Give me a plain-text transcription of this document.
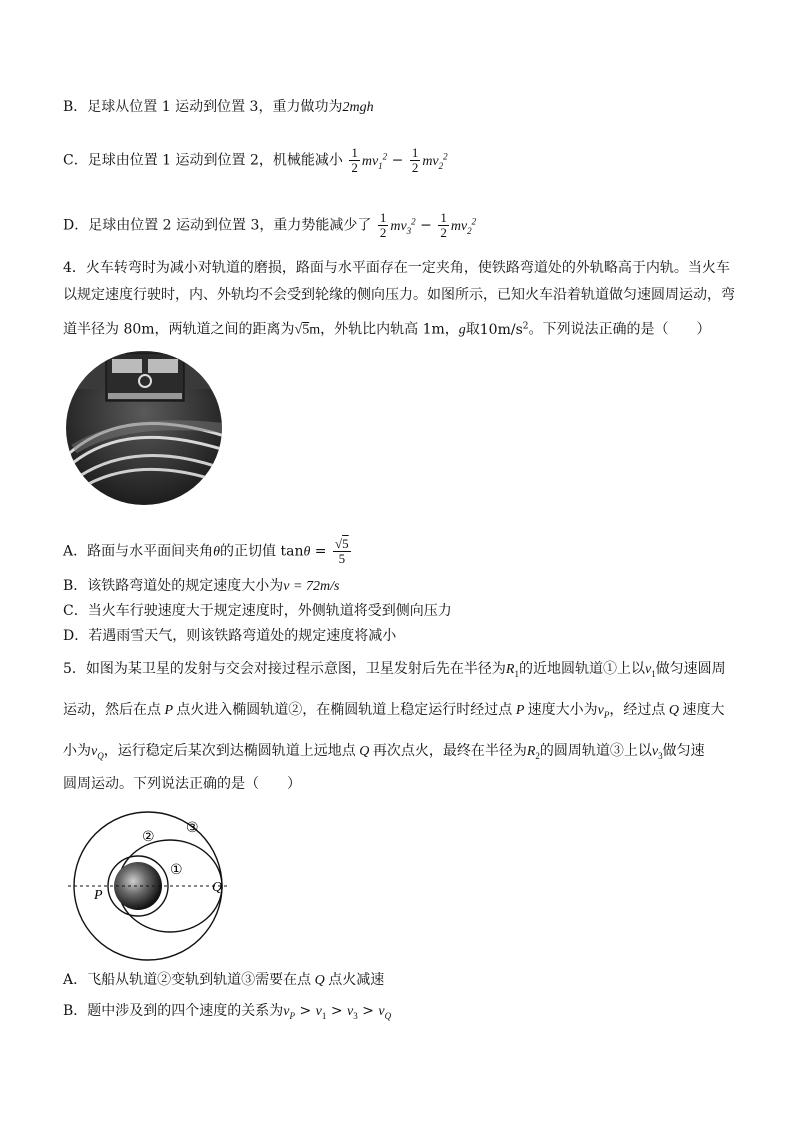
B．足球从位置 1 运动到位置 3，重力做功为2mgh
C．足球由位置 1 运动到位置 2，机械能减小 $\frac{1}{2} mv_1^2 - \frac{1}{2} mv_2^2$
D．足球由位置 2 运动到位置 3，重力势能减少了 $\frac{1}{2} mv_3^2 - \frac{1}{2} mv_2^2$
4．火车转弯时为减小对轨道的磨损，路面与水平面存在一定夹角，使铁路弯道处的外轨略高于内轨。当火车
以规定速度行驶时，内、外轨均不会受到轮缘的侧向压力。如图所示，已知火车沿着轨道做匀速圆周运动，弯
道半径为 80m，两轨道之间的距离为√5m，外轨比内轨高 1m，g取$10m/s^2$。下列说法正确的是（　　）
A．路面与水平面间夹角θ的正切值 $\tan\theta = \frac{√5}{5}$
B．该铁路弯道处的规定速度大小为v = 72m/s
C．当火车行驶速度大于规定速度时，外侧轨道将受到侧向压力
D．若遇雨雪天气，则该铁路弯道处的规定速度将减小
5．如图为某卫星的发射与交会对接过程示意图，卫星发射后先在半径为$R_1$的近地圆轨道①上以$v_1$做匀速圆周
运动，然后在点 P 点火进入椭圆轨道②，在椭圆轨道上稳定运行时经过点 P 速度大小为$v_P$，经过点 Q 速度大
小为$v_Q$，运行稳定后某次到达椭圆轨道上远地点 Q 再次点火，最终在半径为$R_2$的圆周轨道③上以$v_3$做匀速
圆周运动。下列说法正确的是（　　）
②
③
①
P
Q
A．飞船从轨道②变轨到轨道③需要在点 Q 点火减速
B．题中涉及到的四个速度的关系为$v_P > v_1 > v_3 > v_Q$
